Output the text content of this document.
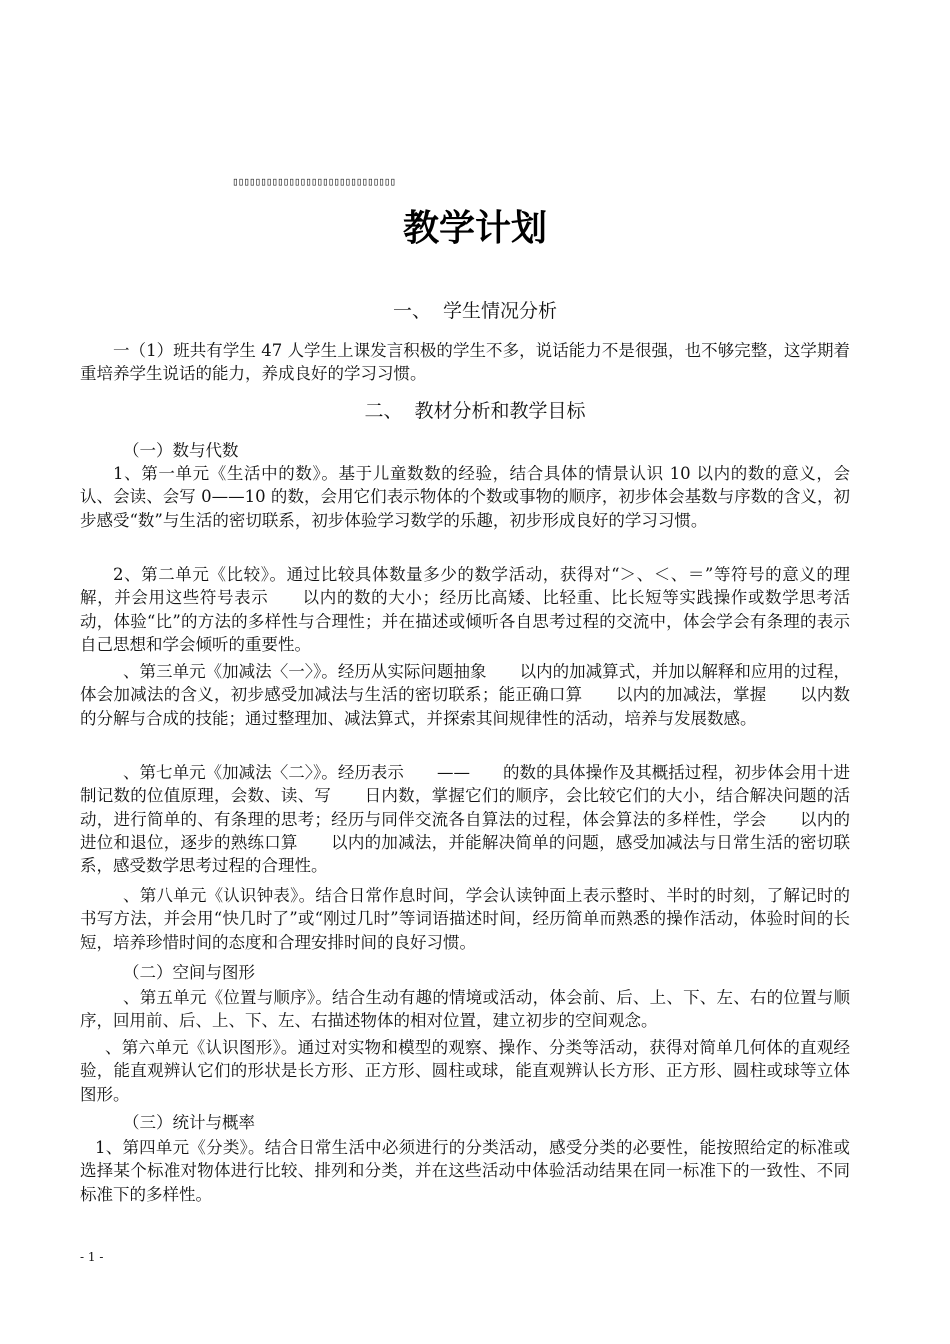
▯▯▯▯▯▯▯▯▯▯▯▯▯▯▯▯▯▯▯▯▯▯▯▯▯▯▯▯▯
教学计划
一、  学生情况分析
一（1）班共有学生 47 人学生上课发言积极的学生不多，说话能力不是很强，也不够完整，这学期着重培养学生说话的能力，养成良好的学习习惯。
二、  教材分析和教学目标
（一）数与代数
1、第一单元《生活中的数》。基于儿童数数的经验，结合具体的情景认识 10 以内的数的意义，会认、会读、会写 0——10 的数，会用它们表示物体的个数或事物的顺序，初步体会基数与序数的含义，初步感受“数”与生活的密切联系，初步体验学习数学的乐趣，初步形成良好的学习习惯。
2、第二单元《比较》。通过比较具体数量多少的数学活动，获得对“＞、＜、＝”等符号的意义的理解，并会用这些符号表示　　以内的数的大小；经历比高矮、比轻重、比长短等实践操作或数学思考活动，体验“比”的方法的多样性与合理性；并在描述或倾听各自思考过程的交流中，体会学会有条理的表示自己思想和学会倾听的重要性。
、第三单元《加减法〈一〉》。经历从实际问题抽象　　以内的加减算式，并加以解释和应用的过程，体会加减法的含义，初步感受加减法与生活的密切联系；能正确口算　　以内的加减法，掌握　　以内数的分解与合成的技能；通过整理加、减法算式，并探索其间规律性的活动，培养与发展数感。
、第七单元《加减法〈二〉》。经历表示　　——　　的数的具体操作及其概括过程，初步体会用十进制记数的位值原理，会数、读、写　　日内数，掌握它们的顺序，会比较它们的大小，结合解决问题的活动，进行简单的、有条理的思考；经历与同伴交流各自算法的过程，体会算法的多样性，学会　　以内的进位和退位，逐步的熟练口算　　以内的加减法，并能解决简单的问题，感受加减法与日常生活的密切联系，感受数学思考过程的合理性。
、第八单元《认识钟表》。结合日常作息时间，学会认读钟面上表示整时、半时的时刻，了解记时的书写方法，并会用“快几时了”或“刚过几时”等词语描述时间，经历简单而熟悉的操作活动，体验时间的长短，培养珍惜时间的态度和合理安排时间的良好习惯。
（二）空间与图形
、第五单元《位置与顺序》。结合生动有趣的情境或活动，体会前、后、上、下、左、右的位置与顺序，回用前、后、上、下、左、右描述物体的相对位置，建立初步的空间观念。
、第六单元《认识图形》。通过对实物和模型的观察、操作、分类等活动，获得对简单几何体的直观经验，能直观辨认它们的形状是长方形、正方形、圆柱或球，能直观辨认长方形、正方形、圆柱或球等立体图形。
（三）统计与概率
1、第四单元《分类》。结合日常生活中必须进行的分类活动，感受分类的必要性，能按照给定的标准或选择某个标准对物体进行比较、排列和分类，并在这些活动中体验活动结果在同一标准下的一致性、不同标准下的多样性。
- 1 -
